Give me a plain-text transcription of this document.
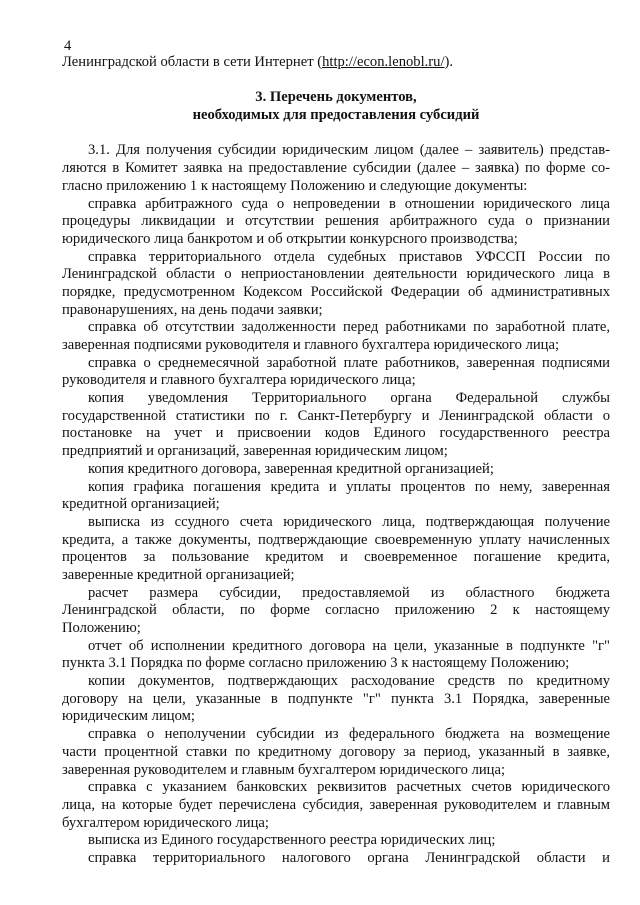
4
Ленинградской области в сети Интернет (http://econ.lenobl.ru/).
3. Перечень документов,
необходимых для предоставления субсидий
3.1. Для получения субсидии юридическим лицом (далее – заявитель) представ-
ляются в Комитет заявка на предоставление субсидии (далее – заявка) по форме со-
гласно приложению 1 к настоящему Положению и следующие документы:
справка арбитражного суда о непроведении в отношении юридического лица
процедуры ликвидации и отсутствии решения арбитражного суда о признании
юридического лица банкротом и об открытии конкурсного производства;
справка территориального отдела судебных приставов УФССП России по
Ленинградской области о неприостановлении деятельности юридического лица в
порядке, предусмотренном Кодексом Российской Федерации об административных
правонарушениях, на день подачи заявки;
справка об отсутствии задолженности перед работниками по заработной плате,
заверенная подписями руководителя и главного бухгалтера юридического лица;
справка о среднемесячной заработной плате работников, заверенная подписями
руководителя и главного бухгалтера юридического лица;
копия уведомления Территориального органа Федеральной службы
государственной статистики по г. Санкт-Петербургу и Ленинградской области о
постановке на учет и присвоении кодов Единого государственного реестра
предприятий и организаций, заверенная юридическим лицом;
копия кредитного договора, заверенная кредитной организацией;
копия графика погашения кредита и уплаты процентов по нему, заверенная
кредитной организацией;
выписка из ссудного счета юридического лица, подтверждающая получение
кредита, а также документы, подтверждающие своевременную уплату начисленных
процентов за пользование кредитом и своевременное погашение кредита,
заверенные кредитной организацией;
расчет размера субсидии, предоставляемой из областного бюджета
Ленинградской области, по форме согласно приложению 2 к настоящему
Положению;
отчет об исполнении кредитного договора на цели, указанные в подпункте "г"
пункта 3.1 Порядка по форме согласно приложению 3 к настоящему Положению;
копии документов, подтверждающих расходование средств по кредитному
договору на цели, указанные в подпункте "г" пункта 3.1 Порядка, заверенные
юридическим лицом;
справка о неполучении субсидии из федерального бюджета на возмещение
части процентной ставки по кредитному договору за период, указанный в заявке,
заверенная руководителем и главным бухгалтером юридического лица;
справка с указанием банковских реквизитов расчетных счетов юридического
лица, на которые будет перечислена субсидия, заверенная руководителем и главным
бухгалтером юридического лица;
выписка из Единого государственного реестра юридических лиц;
справка территориального налогового органа Ленинградской области и
